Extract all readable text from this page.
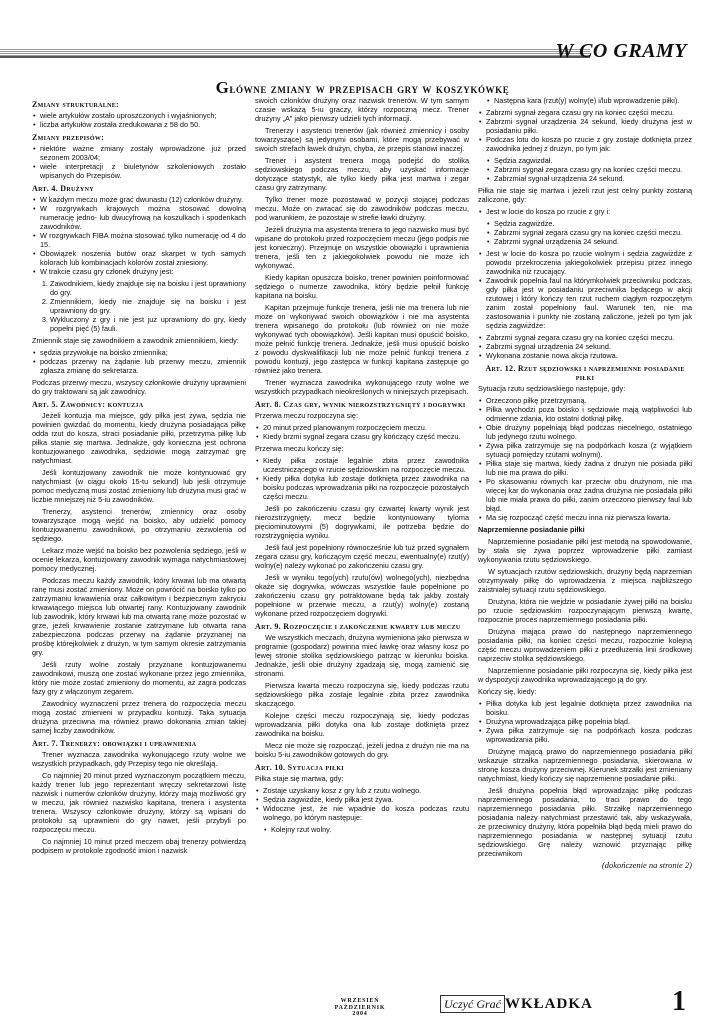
W CO GRAMY
Główne zmiany w przepisach gry w koszykówkę
Zmiany strukturalne:
• wiele artykułów zostało uproszczonych i wyjaśnionych;
• liczba artykułów została zredukowana z 58 do 50.
Zmiany przepisów:
• niektóre ważne zmiany zostały wprowadzone już przed sezonem 2003/04;
• wiele interpretacji z biuletynów szkoleniowych zostało wpisanych do Przepisów.
Art. 4. Drużyny
• W każdym meczu może grać dwunastu (12) członków drużyny.
• W rozgrywkach krajowych można stosować dowolną numerację jedno- lub dwucyfrową na koszulkach i spodenkach zawodników.
• W rozgrywkach FIBA można stosować tylko numerację od 4 do 15.
• Obowiązek noszenia butów oraz skarpet w tych samych kolorach lub kombinacjach kolorów został zniesiony.
• W trakcie czasu gry członek drużyny jest:
1. Zawodnikiem, kiedy znajduje się na boisku i jest uprawniony do gry.
2. Zmiennikiem, kiedy nie znajduje się na boisku i jest uprawniony do gry.
3. Wykluczony z gry i nie jest już uprawniony do gry, kiedy popełni pięć (5) fauli.

Zmiennik staje się zawodnikiem a zawodnik zmiennikiem, kiedy:

• sędzia przywołuje na boisko zmiennika;
• podczas przerwy na żądanie lub przerwy meczu, zmiennik zgłasza zmianę do sekretarza.

Podczas przerwy meczu, wszyscy członkowie drużyny uprawnieni do gry traktowani są jak zawodnicy.

Art. 5. Zawodnicy: kontuzja

Jeżeli kontuzja ma miejsce, gdy piłka jest żywa, sędzia nie powinien gwizdać do momentu, kiedy drużyna posiadająca piłkę odda rzut do kosza, straci posiadanie piłki, przetrzyma piłkę lub piłka stanie się martwa. Jednakże, gdy konieczna jest ochrona kontuzjowanego zawodnika, sędziowie mogą zatrzymać grę natychmiast.

Jeśli kontuzjowany zawodnik nie może kontynuować gry natychmiast (w ciągu około 15-tu sekund) lub jeśli otrzymuje pomoc medyczną musi zostać zmieniony lub drużyna musi grać w liczbie mniejszej niż 5-iu zawodników.

Trenerzy, asystenci trenerów, zmiennicy oraz osoby towarzyszące mogą wejść na boisko, aby udzielić pomocy kontuzjowanemu zawodnikowi, po otrzymaniu zezwolenia od sędziego.

Lekarz może wejść na boisko bez pozwolenia sędziego, jeśli w ocenie lekarza, kontuzjowany zawodnik wymaga natychmiastowej pomocy medycznej.

Podczas meczu każdy zawodnik, który krwawi lub ma otwartą ranę musi zostać zmieniony. Może on powrócić na boisko tylko po zatrzymaniu krwawienia oraz całkowitym i bezpiecznym zakryciu krwawiącego miejsca lub otwartej rany. Kontuzjowany zawodnik lub zawodnik, który krwawi lub ma otwartą ranę może pozostać w grze, jeżeli krwawienie zostanie zatrzymane lub otwarta rana zabezpieczona podczas przerwy na żądanie przyznanej na prośbę którejkolwiek z drużyn, w tym samym okresie zatrzymania gry.

Jeśli rzuty wolne zostały przyznane kontuzjowanemu zawodnikowi, muszą one zostać wykonane przez jego zmiennika, który nie może zostać zmieniony do momentu, aż zagra podczas fazy gry z włączonym zegarem.

Zawodnicy wyznaczeni przez trenera do rozpoczęcia meczu mogą zostać zmienieni w przypadku kontuzji. Taka sytuacja drużyna przeciwna ma również prawo dokonania zmian takiej samej liczby zawodników.

Art. 7. Trenerzy: obowiązki i uprawnienia

Trener wyznacza zawodnika wykonującego rzuty wolne we wszystkich przypadkach, gdy Przepisy tego nie określają.

Co najmniej 20 minut przed wyznaczonym początkiem meczu, każdy trener lub jego reprezentant wręczy sekretarzowi listę nazwisk i numerów członków drużyny, którzy mają możliwość gry w meczu, jak również nazwisko kapitana, trenera i asystenta trenera. Wszyscy członkowie drużyny, którzy są wpisani do protokołu są uprawnieni do gry nawet, jeśli przybyli po rozpoczęciu meczu.

Co najmniej 10 minut przed meczem obaj trenerzy potwierdzą podpisem w protokole zgodność imion i nazwisk

swoich członków drużyny oraz nazwisk trenerów. W tym samym czasie wskażą 5-iu graczy, którzy rozpoczną mecz. Trener drużyny „A” jako pierwszy udzieli tych informacji.

Trenerzy i asystenci trenerów (jak również zmiennicy i osoby towarzyszące) są jedynymi osobami, które mogą przebywać w swoich strefach ławek drużyn, chyba, że przepis stanowi inaczej.

Trener i asystent trenera mogą podejść do stolika sędziowskiego podczas meczu, aby uzyskać informacje dotyczące statystyk, ale tylko kiedy piłka jest martwa i zegar czasu gry zatrzymany.

Tylko trener może pozostawać w pozycji stojącej podczas meczu. Może on zwracać się do zawodników podczas meczu, pod warunkiem, że pozostaje w strefie ławki drużyny.

Jeżeli drużyna ma asystenta trenera to jego nazwisko musi być wpisane do protokołu przed rozpoczęciem meczu (jego podpis nie jest konieczny). Przejmuje on wszystkie obowiązki i uprawnienia trenera, jeśli ten z jakiegokolwiek powodu nie może ich wykonywać.

Kiedy kapitan opuszcza boisko, trener powinien poinformować sędziego o numerze zawodnika, który będzie pełnił funkcję kapitana na boisku.

Kapitan przejmuje funkcje trenera, jeśli nie ma trenera lub nie może on wykonywać swoich obowiązków i nie ma asystenta trenera wpisanego do protokołu (lub również on nie może wykonywać tych obowiązków). Jeśli kapitan musi opuścić boisko, może pełnić funkcję trenera. Jednakże, jeśli musi opuścić boisko z powodu dyskwalifikacji lub nie może pełnić funkcji trenera z powodu kontuzji, jego zastępca w funkcji kapitana zastępuje go również jako trenera.

Trener wyznacza zawodnika wykonującego rzuty wolne we wszystkich przypadkach nieokreślonych w niniejszych przepisach.

Art. 8. Czas gry, wynik nierozstrzygnięty i dogrywki

Przerwa meczu rozpoczyna się:

• 20 minut przed planowanym rozpoczęciem meczu.
• Kiedy brzmi sygnał zegara czasu gry kończący część meczu.

Przerwa meczu kończy się:

• Kiedy piłka zostaje legalnie zbita przez zawodnika uczestniczącego w rzucie sędziowskim na rozpoczęcie meczu.
• Kiedy piłka dotyka lub zostaje dotknięta przez zawodnika na boisku podczas wprowadzania piłki na rozpoczęcie pozostałych części meczu.

Jeśli po zakończeniu czasu gry czwartej kwarty wynik jest nierozstrzygnięty, mecz będzie kontynuowany tyloma pięciominutowymi (5) dogrywkami, ile potrzeba będzie do rozstrzygnięcia wyniku.

Jeśli faul jest popełniony równocześnie lub tuż przed sygnałem zegara czasu gry, kończącym część meczu, ewentualny(e) rzut(y) wolny(e) należy wykonać po zakończeniu czasu gry.

Jeśli w wyniku tego(ych) rzutu(ów) wolnego(ych), niezbędna okaże się dogrywka, wówczas wszystkie faule popełnione po zakończeniu czasu gry potraktowane będą tak jakby zostały popełnione w przerwie meczu, a rzut(y) wolny(e) zostaną wykonane przed rozpoczęciem dogrywki.

Art. 9. Rozpoczęcie i zakończenie kwarty lub meczu

We wszystkich meczach, drużyna wymieniona jako pierwsza w programie (gospodarz) powinna mieć ławkę oraz własny kosz po lewej stronie stolika sędziowskiego patrząc w kierunku boiska. Jednakże, jeśli obie drużyny zgadzają się, mogą zamienić się stronami.

Pierwsza kwarta meczu rozpoczyna się, kiedy podczas rzutu sędziowskiego piłka zostaje legalnie zbita przez zawodnika skaczącego.

Kolejne części meczu rozpoczynają się, kiedy podczas wprowadzania piłki dotyka ona lub zostaje dotknięta przez zawodnika na boisku.

Mecz nie może się rozpocząć, jeżeli jedna z drużyn nie ma na boisku 5-iu zawodników gotowych do gry.

Art. 10. Sytuacja piłki

Piłka staje się martwa, gdy:

• Zostaje uzyskany kosz z gry lub z rzutu wolnego.
• Sędzia zagwiżdże, kiedy piłka jest żywa.
• Widoczne jest, że nie wpadnie do kosza podczas rzutu wolnego, po którym następuje:
• Kolejny rzut wolny.
• Następna kara (rzut(y) wolny(e) i/lub wprowadzenie piłki).
• Zabrzmi sygnał zegara czasu gry na koniec części meczu.
• Zabrzmi sygnał urządzenia 24 sekund, kiedy drużyna jest w posiadaniu piłki.
• Podczas lotu do kosza po rzucie z gry zostaje dotknięta przez zawodnika jednej z drużyn, po tym jak:
• Sędzia zagwizdał.
• Zabrzmi sygnał zegara czasu gry na koniec części meczu.
• Zabrzmiał sygnał urządzenia 24 sekund.

Piłka nie staje się martwa i jeżeli rzut jest celny punkty zostaną zaliczone, gdy:

• Jest w locie do kosza po rzucie z gry i:
• Sędzia zagwiżdże.
• Zabrzmi sygnał zegara czasu gry na koniec części meczu.
• Zabrzmi sygnał urządzenia 24 sekund.
• Jest w locie do kosza po rzucie wolnym i sędzia zagwiżdże z powodu przekroczenia jakiegokolwiek przepisu przez innego zawodnika niż rzucający.
• Zawodnik popełnia faul na którymkolwiek przeciwniku podczas, gdy piłka jest w posiadaniu przeciwnika będącego w akcji rzutowej i który kończy ten rzut ruchem ciągłym rozpoczętym zanim został popełniony faul. Warunek ten, nie ma zastosowania i punkty nie zostaną zaliczone, jeżeli po tym jak sędzia zagwiżdże:
• Zabrzmi sygnał zegara czasu gry na koniec części meczu.
• Zabrzmi sygnał urządzenia 24 sekund.
• Wykonana zostanie nowa akcja rzutowa.
Art. 12. Rzut sędziowski i naprzemienne posiadanie piłki

Sytuacja rzutu sędziowskiego następuje, gdy:

• Orzeczono piłkę przetrzymaną.
• Piłka wychodzi poza boisko i sędziowie mają wątpliwości lub odmienne zdania, kto ostatni dotknął piłkę.
• Obie drużyny popełniają błąd podczas niecelnego, ostatniego lub jedynego rzutu wolnego.
• Żywa piłka zatrzymuje się na podpórkach kosza (z wyjątkiem sytuacji pomiędzy rzutami wolnymi).
• Piłka staje się martwa, kiedy żadna z drużyn nie posiada piłki lub nie ma prawa do piłki.
• Po skasowaniu równych kar przeciw obu drużynom, nie ma więcej kar do wykonania oraz żadna drużyna nie posiadała piłki lub nie miała prawa do piłki, zanim orzeczono pierwszy faul lub błąd.
• Ma się rozpocząć część meczu inna niż pierwsza kwarta.

Naprzemienne posiadanie piłki

Naprzemienne posiadanie piłki jest metodą na spowodowanie, by stała się żywa poprzez wprowadzenie piłki zamiast wykonywania rzutu sędziowskiego.

W sytuacjach rzutów sędziowskich, drużyny będą naprzemian otrzymywały piłkę do wprowadzenia z miejsca najbliższego zaistniałej sytuacji rzutu sędziowskiego.

Drużyna, która nie wejdzie w posiadanie żywej piłki na boisku po rzucie sędziowskim rozpoczynającym pierwszą kwartę, rozpocznie proces naprzemiennego posiadania piłki.

Drużyna mająca prawo do następnego naprzemiennego posiadania piłki, na koniec części meczu, rozpocznie kolejną część meczu wprowadzeniem piłki z przedłużenia linii środkowej naprzeciw stolika sędziowskiego.

Naprzemienne posiadanie piłki rozpoczyna się, kiedy piłka jest w dyspozycji zawodnika wprowadzającego ją do gry.

Kończy się, kiedy:

• Piłka dotyka lub jest legalnie dotknięta przez zawodnika na boisku.
• Drużyna wprowadzająca piłkę popełnia błąd.
• Żywa piłka zatrzymuje się na podpórkach kosza podczas wprowadzania piłki.

Drużynę mającą prawo do naprzemiennego posiadania piłki wskazuje strzałka naprzemiennego posiadania, skierowana w stronę kosza drużyny przeciwnej. Kierunek strzałki jest zmieniany natychmiast, kiedy kończy się naprzemienne posiadanie piłki.

Jeśli drużyna popełnia błąd wprowadzając piłkę podczas naprzemiennego posiadania, to traci prawo do tego naprzemiennego posiadania piłki. Strzałkę naprzemiennego posiadania należy natychmiast przestawić tak, aby wskazywała, że przeciwnicy drużyny, która popełniła błąd będą mieli prawo do naprzemiennego posiadania w następnej sytuacji rzutu sędziowskiego. Grę należy wznowić przyznając piłkę przeciwnikom

(dokończenie na stronie 2)

WRZESIEŃ
PAŹDZIERNIK
2004
Uczyć Grać WKŁADKA	1
